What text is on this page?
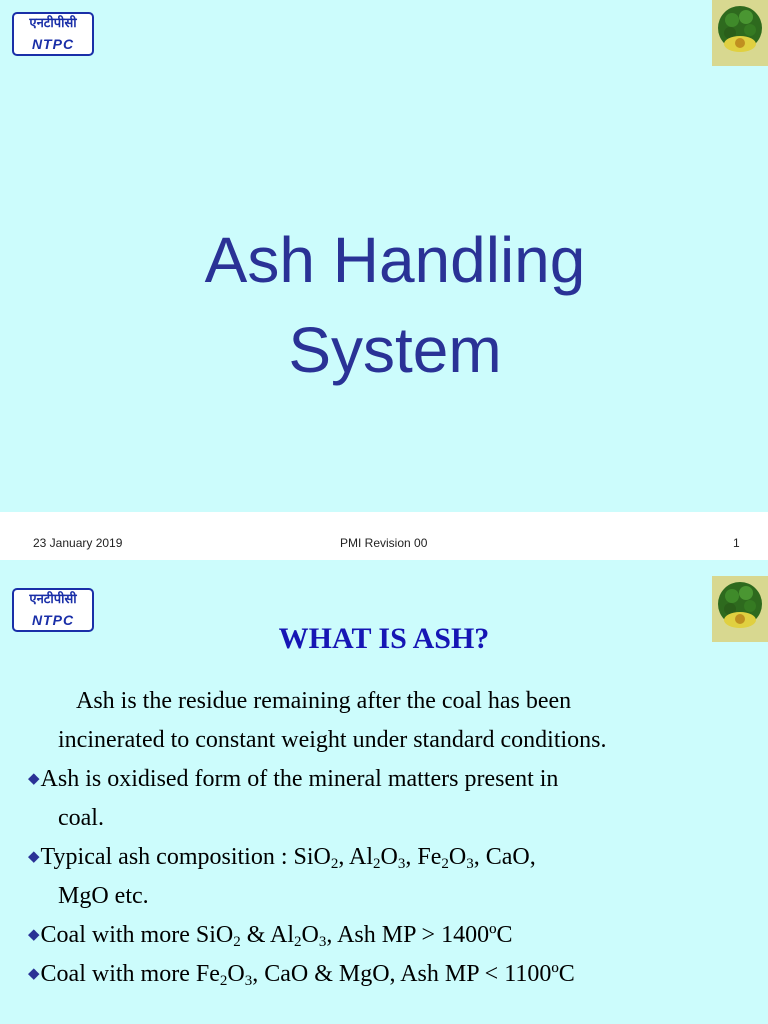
एनटीपीसी
NTPC
Ash Handling
System
23 January 2019	PMI Revision 00	1
एनटीपीसी
NTPC
WHAT IS ASH?
Ash is the residue remaining after the coal has been
incinerated to constant weight under standard conditions.
◆Ash is oxidised form of the mineral matters present in
coal.
◆Typical ash composition : SiO$_2$, $Al_2O_3$, $Fe_2O_3$, CaO,
MgO etc.
◆Coal with more SiO$_2$ & $Al_2O_3$, Ash MP > 1400ºC
◆Coal with more $Fe_2O_3$, CaO & MgO, Ash MP < 1100ºC
